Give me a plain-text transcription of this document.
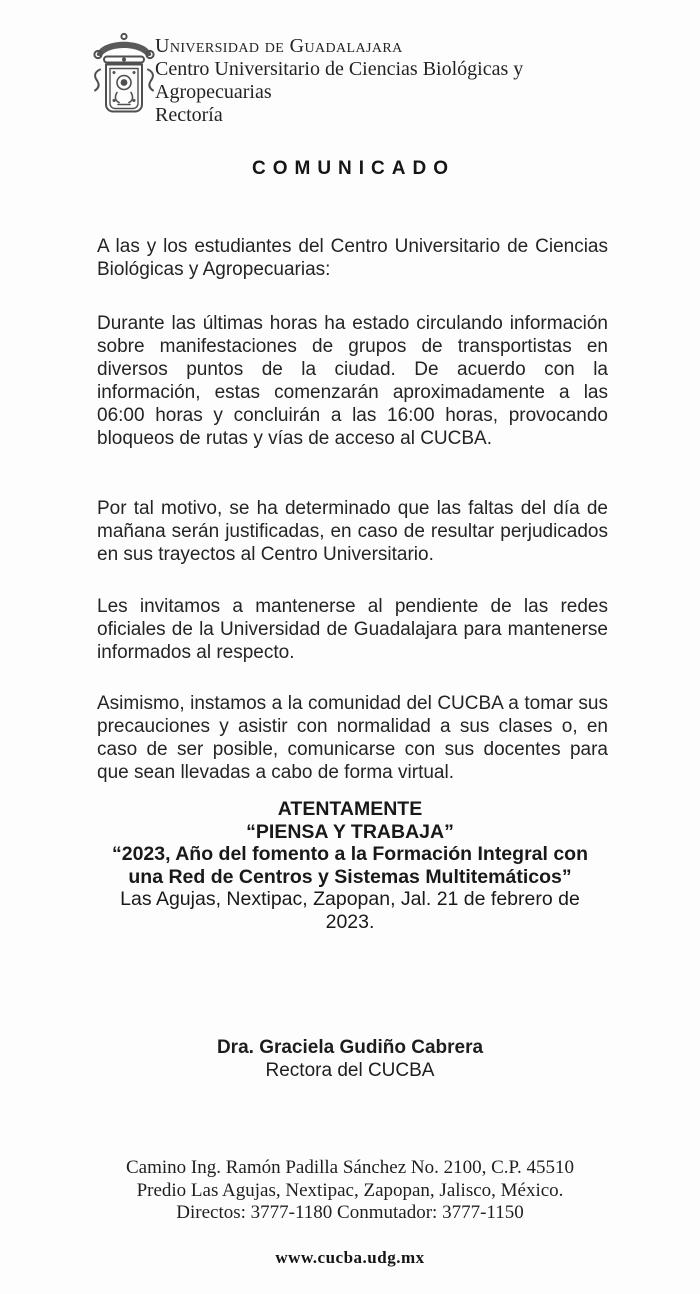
Universidad de Guadalajara
Centro Universitario de Ciencias Biológicas y
Agropecuarias
Rectoría
COMUNICADO

A las y los estudiantes del Centro Universitario de Ciencias Biológicas y Agropecuarias:

Durante las últimas horas ha estado circulando información sobre manifestaciones de grupos de transportistas en diversos puntos de la ciudad. De acuerdo con la información, estas comenzarán aproximadamente a las 06:00 horas y concluirán a las 16:00 horas, provocando bloqueos de rutas y vías de acceso al CUCBA.

Por tal motivo, se ha determinado que las faltas del día de mañana serán justificadas, en caso de resultar perjudicados en sus trayectos al Centro Universitario.

Les invitamos a mantenerse al pendiente de las redes oficiales de la Universidad de Guadalajara para mantenerse informados al respecto.

Asimismo, instamos a la comunidad del CUCBA a tomar sus precauciones y asistir con normalidad a sus clases o, en caso de ser posible, comunicarse con sus docentes para que sean llevadas a cabo de forma virtual.

ATENTAMENTE
“PIENSA Y TRABAJA”
“2023, Año del fomento a la Formación Integral con
una Red de Centros y Sistemas Multitemáticos”
Las Agujas, Nextipac, Zapopan, Jal. 21 de febrero de
2023.
Dra. Graciela Gudiño Cabrera
Rectora del CUCBA
Camino Ing. Ramón Padilla Sánchez No. 2100, C.P. 45510
Predio Las Agujas, Nextipac, Zapopan, Jalisco, México.
Directos: 3777-1180 Conmutador: 3777-1150
www.cucba.udg.mx
